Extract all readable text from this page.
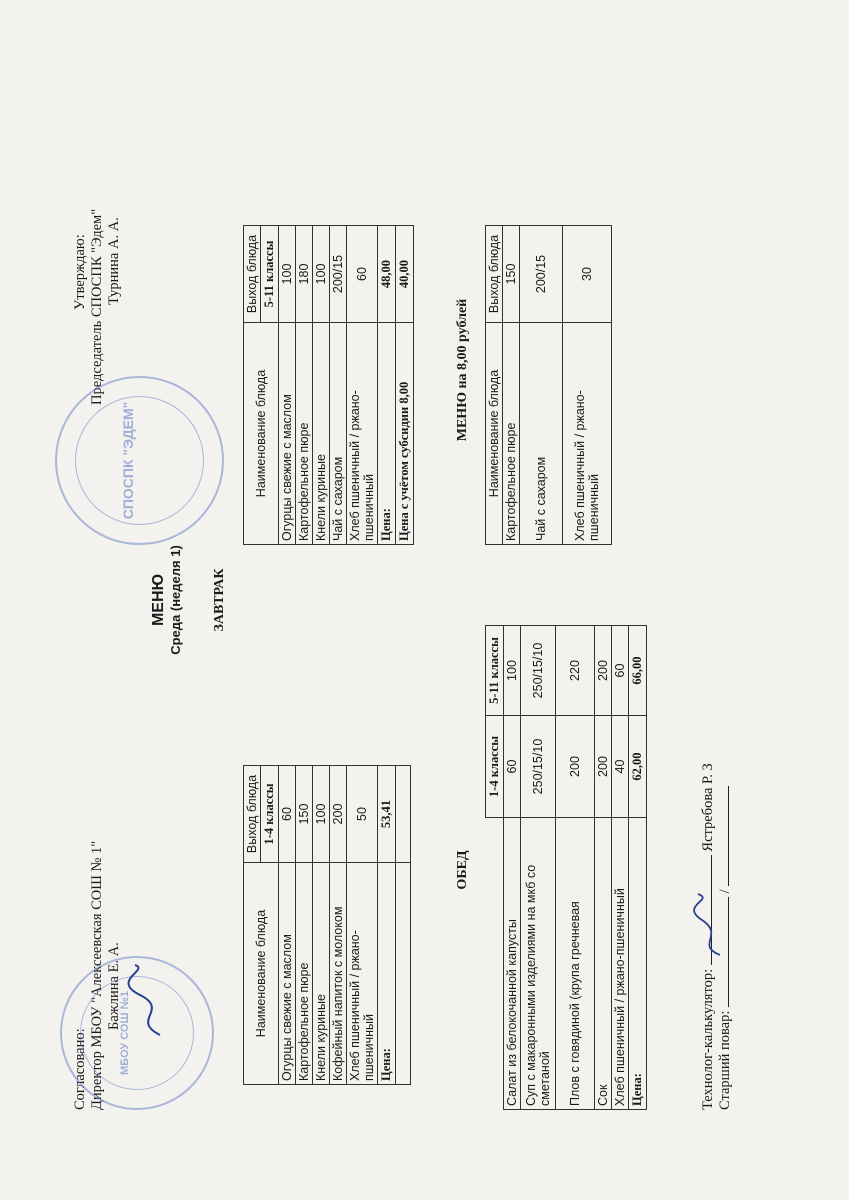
Согласовано: Директор МБОУ "Алексеевская СОШ № 1" Бажлина Е. А.
Утверждаю: Председатель СПОСПК "Эдем" Турнина А. А.
МБОУ СОШ №1
СПОСПК "ЭДЕМ"
МЕНЮ Среда (неделя 1) ЗАВТРАК
Наименование блюда	Выход блюда
	1-4 классы
Огурцы свежие с маслом	60
Картофельное пюре	150
Кнели куриные	100
Кофейный напиток с молоком	200
Хлеб пшеничный / ржано-пшеничный	50
Цена:	53,41

Наименование блюда	Выход блюда
	5-11 классы
Огурцы свежие с маслом	100
Картофельное пюре	180
Кнели куриные	100
Чай с сахаром	200/15
Хлеб пшеничный / ржано-пшеничный	60
Цена:	48,00
Цена с учётом субсидии 8,00	40,00
ОБЕД
МЕНЮ на 8,00 рублей
	1-4 классы	5-11 классы
Салат из белокочанной капусты	60	100
Суп с макаронными изделиями на мкб со сметаной	250/15/10	250/15/10
Плов с говядиной (крупа гречневая	200	220
Сок	200	200
Хлеб пшеничный / ржано-пшеничный	40	60
Цена:	62,00	66,00
Наименование блюда	Выход блюда
Картофельное пюре	150
Чай с сахаром	200/15
Хлеб пшеничный / ржано-пшеничный	30
Технолог-калькулятор:  Ястребова Р. З
Старший повар:  /
